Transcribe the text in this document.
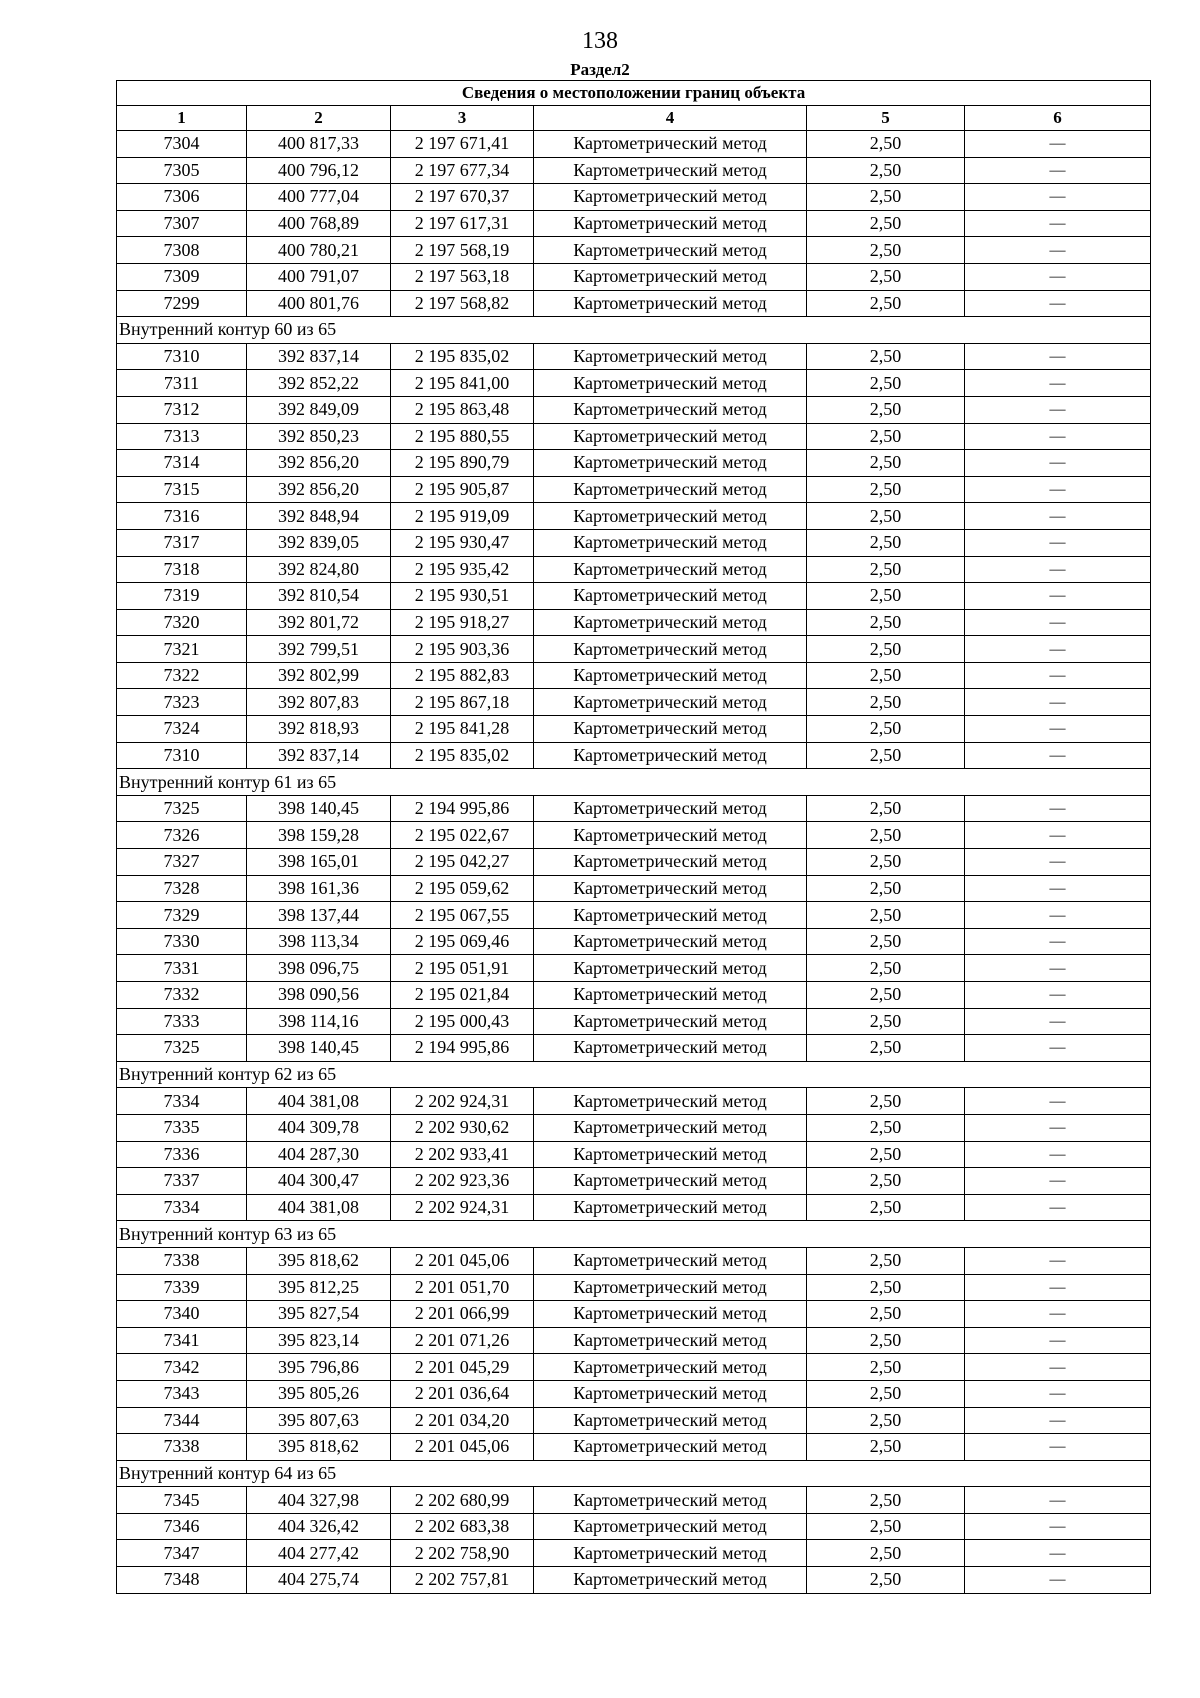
138
Раздел2
Сведения о местоположении границ объекта					
1	2	3	4	5	6
7304	400 817,33	2 197 671,41	Картометрический метод	2,50	—
7305	400 796,12	2 197 677,34	Картометрический метод	2,50	—
7306	400 777,04	2 197 670,37	Картометрический метод	2,50	—
7307	400 768,89	2 197 617,31	Картометрический метод	2,50	—
7308	400 780,21	2 197 568,19	Картометрический метод	2,50	—
7309	400 791,07	2 197 563,18	Картометрический метод	2,50	—
7299	400 801,76	2 197 568,82	Картометрический метод	2,50	—
Внутренний контур 60 из 65					
7310	392 837,14	2 195 835,02	Картометрический метод	2,50	—
7311	392 852,22	2 195 841,00	Картометрический метод	2,50	—
7312	392 849,09	2 195 863,48	Картометрический метод	2,50	—
7313	392 850,23	2 195 880,55	Картометрический метод	2,50	—
7314	392 856,20	2 195 890,79	Картометрический метод	2,50	—
7315	392 856,20	2 195 905,87	Картометрический метод	2,50	—
7316	392 848,94	2 195 919,09	Картометрический метод	2,50	—
7317	392 839,05	2 195 930,47	Картометрический метод	2,50	—
7318	392 824,80	2 195 935,42	Картометрический метод	2,50	—
7319	392 810,54	2 195 930,51	Картометрический метод	2,50	—
7320	392 801,72	2 195 918,27	Картометрический метод	2,50	—
7321	392 799,51	2 195 903,36	Картометрический метод	2,50	—
7322	392 802,99	2 195 882,83	Картометрический метод	2,50	—
7323	392 807,83	2 195 867,18	Картометрический метод	2,50	—
7324	392 818,93	2 195 841,28	Картометрический метод	2,50	—
7310	392 837,14	2 195 835,02	Картометрический метод	2,50	—
Внутренний контур 61 из 65					
7325	398 140,45	2 194 995,86	Картометрический метод	2,50	—
7326	398 159,28	2 195 022,67	Картометрический метод	2,50	—
7327	398 165,01	2 195 042,27	Картометрический метод	2,50	—
7328	398 161,36	2 195 059,62	Картометрический метод	2,50	—
7329	398 137,44	2 195 067,55	Картометрический метод	2,50	—
7330	398 113,34	2 195 069,46	Картометрический метод	2,50	—
7331	398 096,75	2 195 051,91	Картометрический метод	2,50	—
7332	398 090,56	2 195 021,84	Картометрический метод	2,50	—
7333	398 114,16	2 195 000,43	Картометрический метод	2,50	—
7325	398 140,45	2 194 995,86	Картометрический метод	2,50	—
Внутренний контур 62 из 65					
7334	404 381,08	2 202 924,31	Картометрический метод	2,50	—
7335	404 309,78	2 202 930,62	Картометрический метод	2,50	—
7336	404 287,30	2 202 933,41	Картометрический метод	2,50	—
7337	404 300,47	2 202 923,36	Картометрический метод	2,50	—
7334	404 381,08	2 202 924,31	Картометрический метод	2,50	—
Внутренний контур 63 из 65					
7338	395 818,62	2 201 045,06	Картометрический метод	2,50	—
7339	395 812,25	2 201 051,70	Картометрический метод	2,50	—
7340	395 827,54	2 201 066,99	Картометрический метод	2,50	—
7341	395 823,14	2 201 071,26	Картометрический метод	2,50	—
7342	395 796,86	2 201 045,29	Картометрический метод	2,50	—
7343	395 805,26	2 201 036,64	Картометрический метод	2,50	—
7344	395 807,63	2 201 034,20	Картометрический метод	2,50	—
7338	395 818,62	2 201 045,06	Картометрический метод	2,50	—
Внутренний контур 64 из 65					
7345	404 327,98	2 202 680,99	Картометрический метод	2,50	—
7346	404 326,42	2 202 683,38	Картометрический метод	2,50	—
7347	404 277,42	2 202 758,90	Картометрический метод	2,50	—
7348	404 275,74	2 202 757,81	Картометрический метод	2,50	—
